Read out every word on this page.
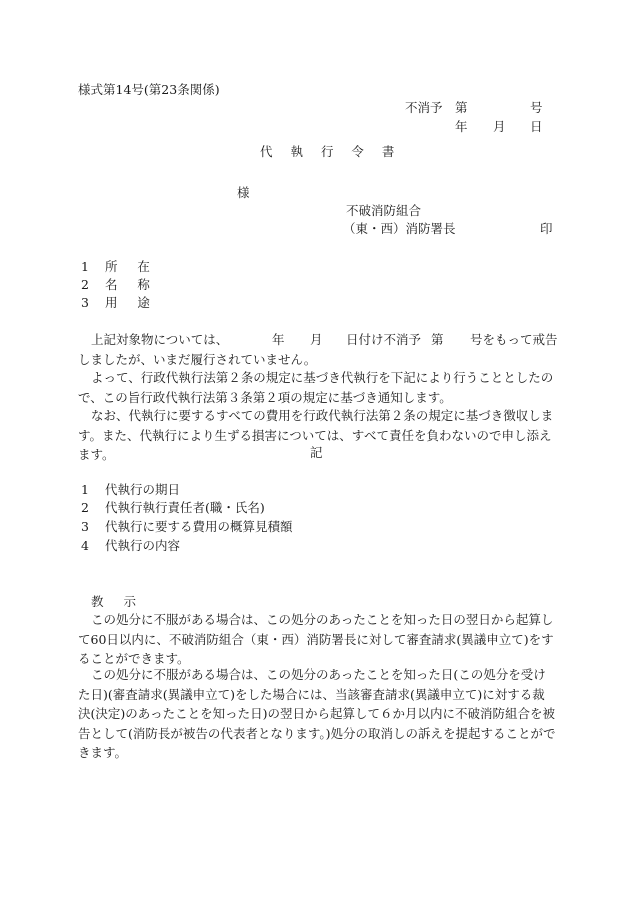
様式第14号(第23条関係)
不消予 第	号
年 月 日
代 執 行 令 書
様
不破消防組合
（東・西）消防署長	印
1 所 在
2 名 称
3 用 途
上記対象物については、	年 月 日付け不消予 第 号をもって戒告
しましたが、いまだ履行されていません。
よって、行政代執行法第２条の規定に基づき代執行を下記により行うこととしたので、この旨行政代執行法第３条第２項の規定に基づき通知します。
なお、代執行に要するすべての費用を行政代執行法第２条の規定に基づき徴収します。また、代執行により生ずる損害については、すべて責任を負わないので申し添えます。	記
1 代執行の期日
2 代執行執行責任者(職・氏名)
3 代執行に要する費用の概算見積額
4 代執行の内容
教 示
この処分に不服がある場合は、この処分のあったことを知った日の翌日から起算して60日以内に、不破消防組合（東・西）消防署長に対して審査請求(異議申立て)をすることができます。
この処分に不服がある場合は、この処分のあったことを知った日(この処分を受けた日)(審査請求(異議申立て)をした場合には、当該審査請求(異議申立て)に対する裁決(決定)のあったことを知った日)の翌日から起算して６か月以内に不破消防組合を被告として(消防長が被告の代表者となります。)処分の取消しの訴えを提起することができます。
